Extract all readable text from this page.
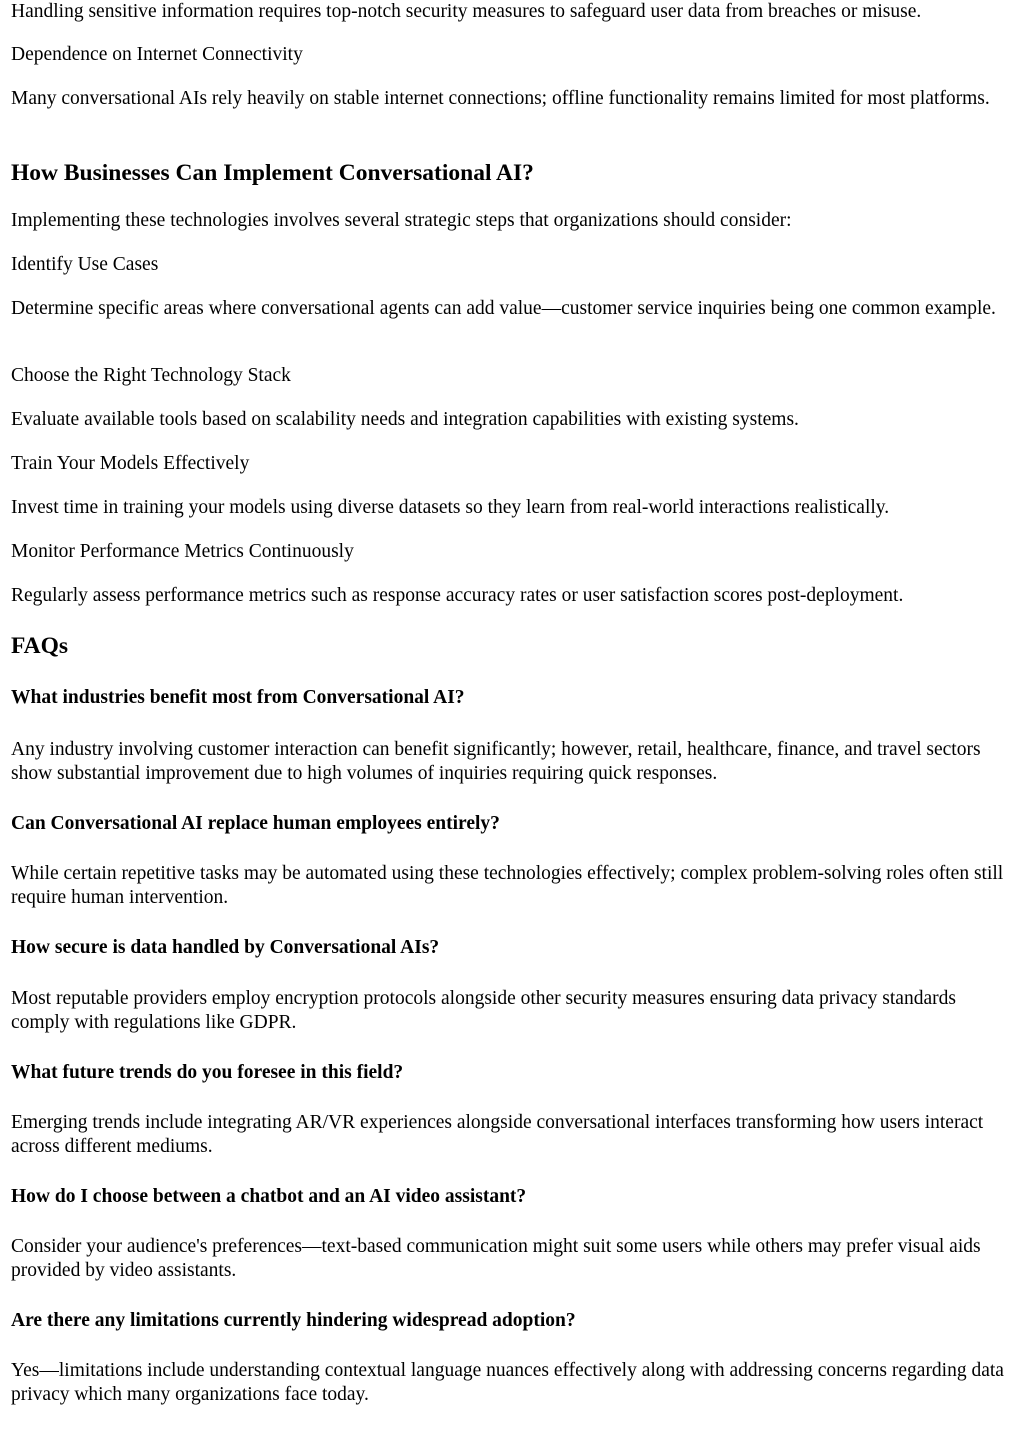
Handling sensitive information requires top-notch security measures to safeguard user data from breaches or misuse.

Dependence on Internet Connectivity

Many conversational AIs rely heavily on stable internet connections; offline functionality remains limited for most platforms.

How Businesses Can Implement Conversational AI?

Implementing these technologies involves several strategic steps that organizations should consider:

Identify Use Cases

Determine specific areas where conversational agents can add value—customer service inquiries being one common example.

Choose the Right Technology Stack

Evaluate available tools based on scalability needs and integration capabilities with existing systems.

Train Your Models Effectively

Invest time in training your models using diverse datasets so they learn from real-world interactions realistically.

Monitor Performance Metrics Continuously

Regularly assess performance metrics such as response accuracy rates or user satisfaction scores post-deployment.

FAQs
What industries benefit most from Conversational AI?

Any industry involving customer interaction can benefit significantly; however, retail, healthcare, finance, and travel sectors show substantial improvement due to high volumes of inquiries requiring quick responses.

Can Conversational AI replace human employees entirely?

While certain repetitive tasks may be automated using these technologies effectively; complex problem-solving roles often still require human intervention.

How secure is data handled by Conversational AIs?

Most reputable providers employ encryption protocols alongside other security measures ensuring data privacy standards comply with regulations like GDPR.

What future trends do you foresee in this field?

Emerging trends include integrating AR/VR experiences alongside conversational interfaces transforming how users interact across different mediums.

How do I choose between a chatbot and an AI video assistant?

Consider your audience's preferences—text-based communication might suit some users while others may prefer visual aids provided by video assistants.

Are there any limitations currently hindering widespread adoption?

Yes—limitations include understanding contextual language nuances effectively along with addressing concerns regarding data privacy which many organizations face today.
